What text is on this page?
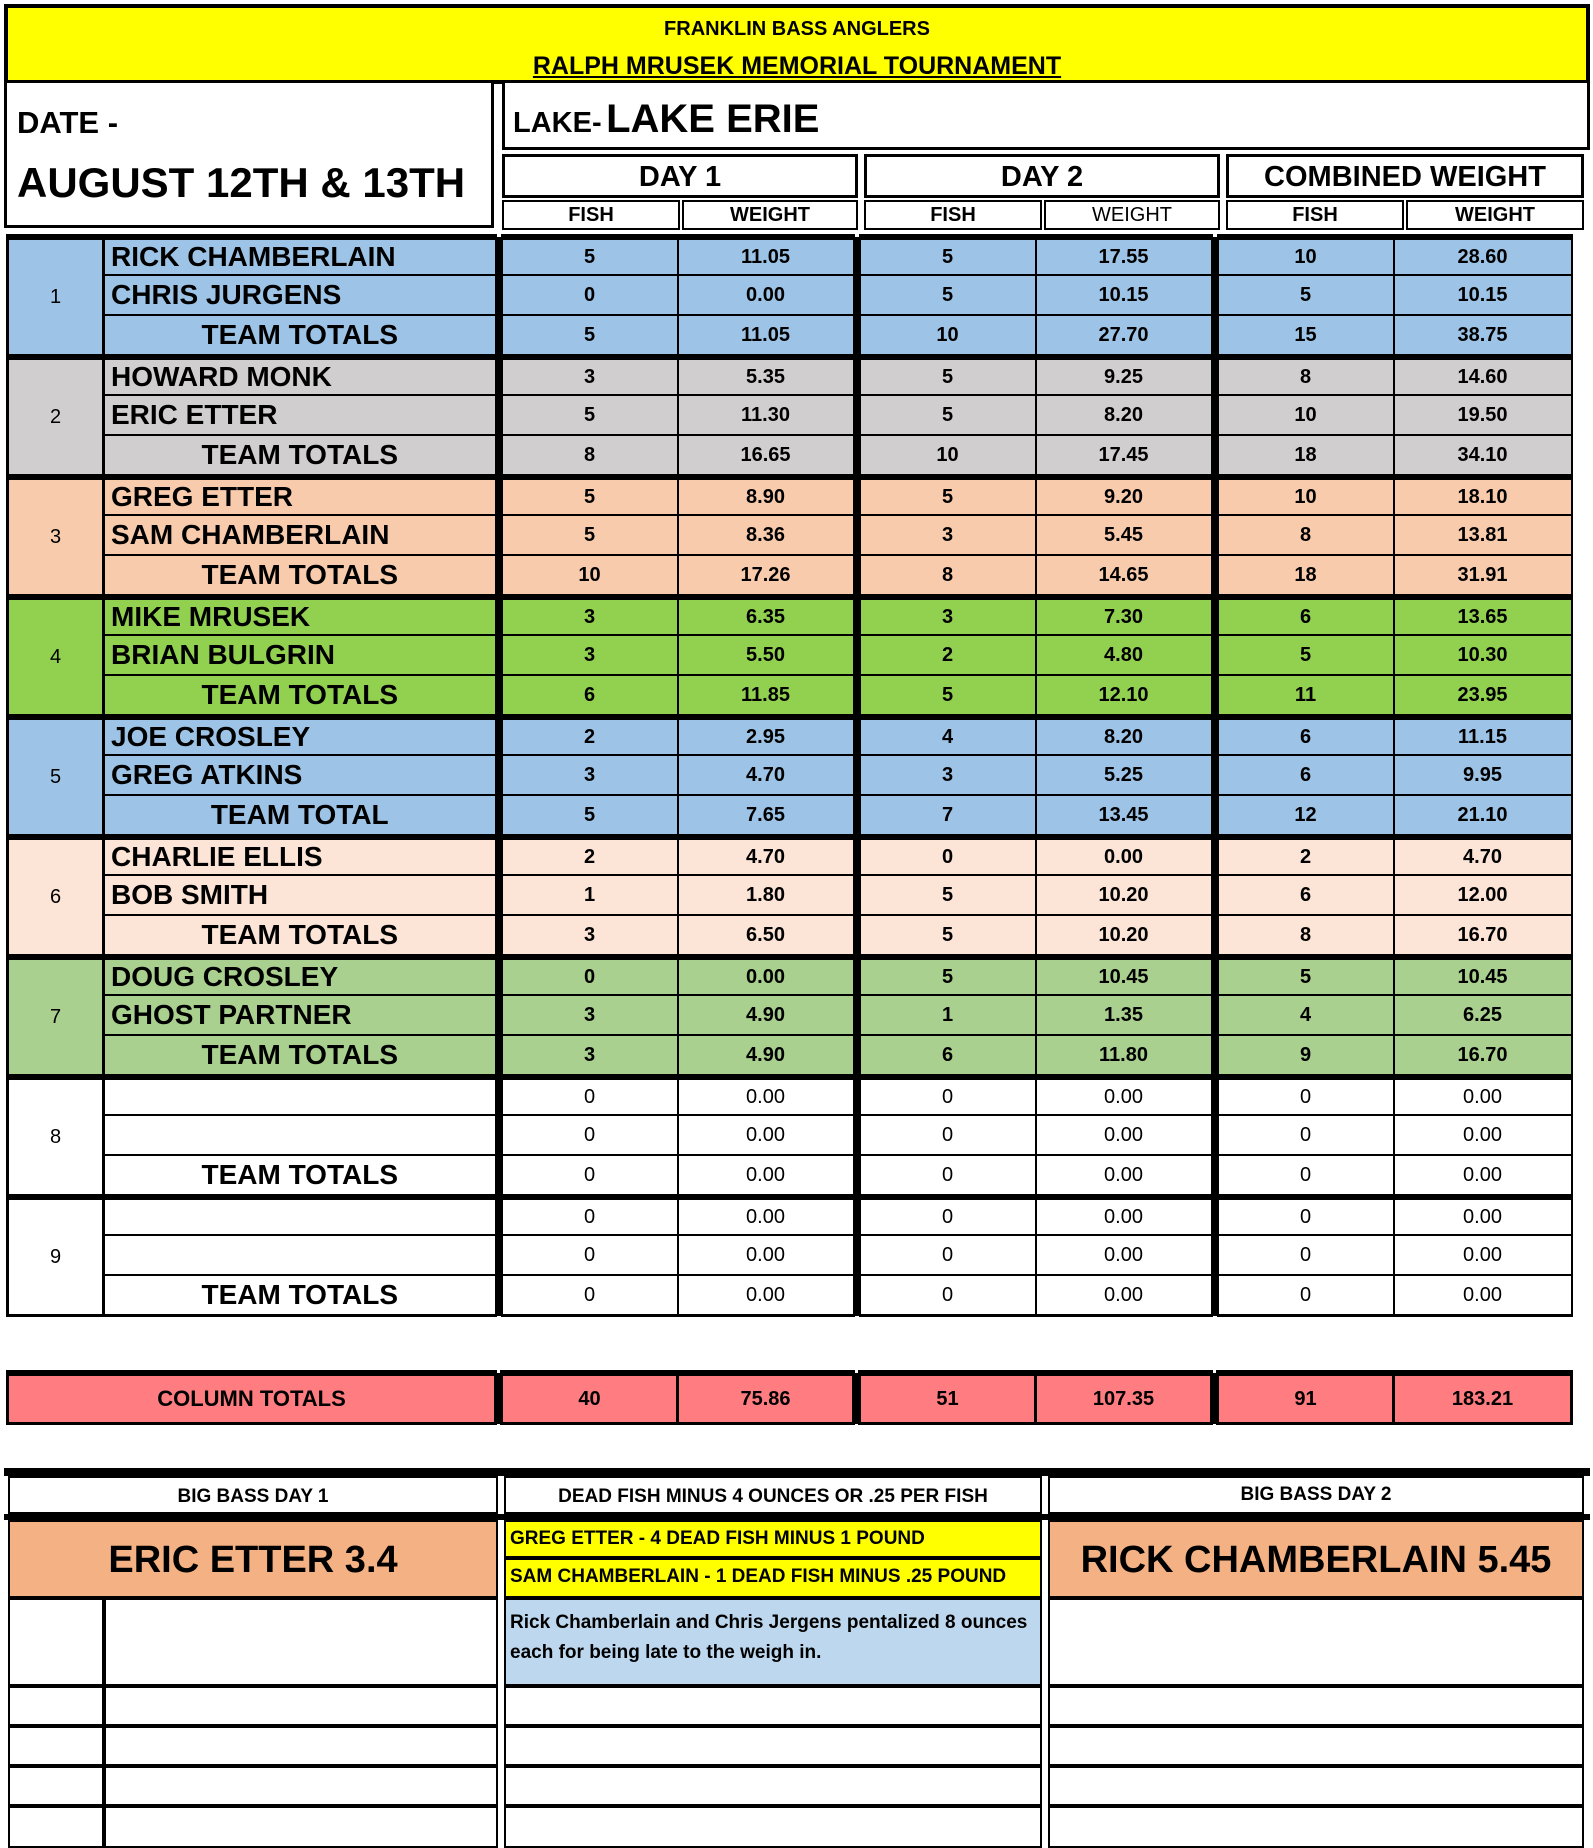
FRANKLIN BASS ANGLERS
RALPH MRUSEK MEMORIAL TOURNAMENT
DATE -
AUGUST 12TH & 13TH
LAKE- LAKE ERIE
DAY 1	DAY 2	COMBINED WEIGHT
FISH	WEIGHT	FISH	WEIGHT	FISH	WEIGHT
1	RICK CHAMBERLAIN		5	11.05		5	17.55		10	28.60
	CHRIS JURGENS		0	0.00		5	10.15		5	10.15
	TEAM TOTALS		5	11.05		10	27.70		15	38.75
2	HOWARD MONK		3	5.35		5	9.25		8	14.60
	ERIC ETTER		5	11.30		5	8.20		10	19.50
	TEAM TOTALS		8	16.65		10	17.45		18	34.10
3	GREG ETTER		5	8.90		5	9.20		10	18.10
	SAM CHAMBERLAIN		5	8.36		3	5.45		8	13.81
	TEAM TOTALS		10	17.26		8	14.65		18	31.91
4	MIKE MRUSEK		3	6.35		3	7.30		6	13.65
	BRIAN BULGRIN		3	5.50		2	4.80		5	10.30
	TEAM TOTALS		6	11.85		5	12.10		11	23.95
5	JOE CROSLEY		2	2.95		4	8.20		6	11.15
	GREG ATKINS		3	4.70		3	5.25		6	9.95
	TEAM TOTAL		5	7.65		7	13.45		12	21.10
6	CHARLIE ELLIS		2	4.70		0	0.00		2	4.70
	BOB SMITH		1	1.80		5	10.20		6	12.00
	TEAM TOTALS		3	6.50		5	10.20		8	16.70
7	DOUG CROSLEY		0	0.00		5	10.45		5	10.45
	GHOST PARTNER		3	4.90		1	1.35		4	6.25
	TEAM TOTALS		3	4.90		6	11.80		9	16.70
8			0	0.00		0	0.00		0	0.00
			0	0.00		0	0.00		0	0.00
	TEAM TOTALS		0	0.00		0	0.00		0	0.00
9			0	0.00		0	0.00		0	0.00
			0	0.00		0	0.00		0	0.00
	TEAM TOTALS		0	0.00		0	0.00		0	0.00
COLUMN TOTALS		40	75.86		51	107.35		91	183.21
BIG BASS DAY 1	DEAD FISH MINUS 4 OUNCES OR .25 PER FISH	BIG BASS DAY 2
ERIC ETTER 3.4
GREG ETTER - 4 DEAD FISH MINUS 1 POUND
SAM CHAMBERLAIN - 1 DEAD FISH MINUS .25 POUND	RICK CHAMBERLAIN 5.45
Rick Chamberlain and Chris Jergens pentalized 8 ounces each for being late to the weigh in.
